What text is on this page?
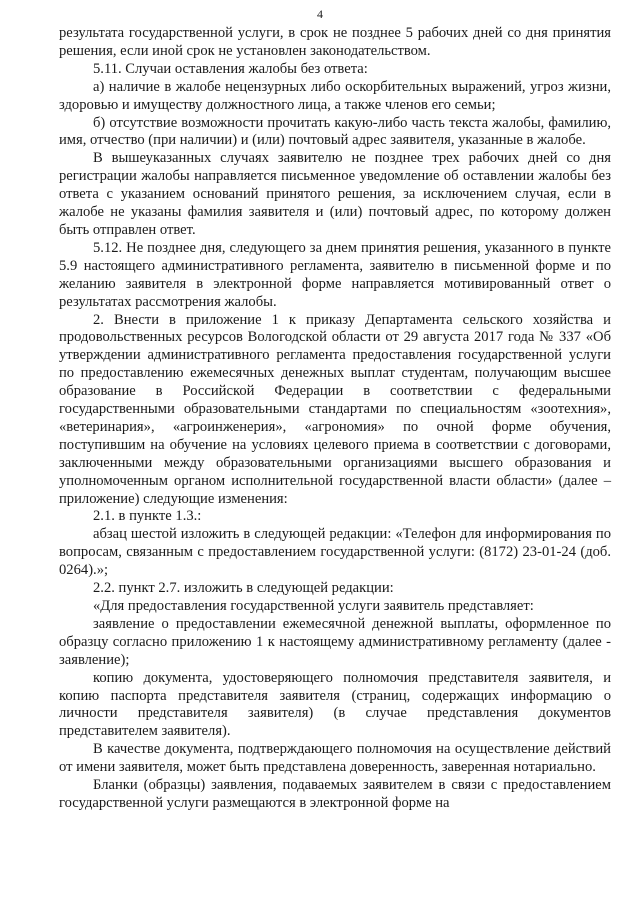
4

результата государственной услуги, в срок не позднее 5 рабочих дней со дня принятия решения, если иной срок не установлен законодательством.

5.11. Случаи оставления жалобы без ответа:

а) наличие в жалобе нецензурных либо оскорбительных выражений, угроз жизни, здоровью и имуществу должностного лица, а также членов его семьи;

б) отсутствие возможности прочитать какую-либо часть текста жалобы, фамилию, имя, отчество (при наличии) и (или) почтовый адрес заявителя, указанные в жалобе.

В вышеуказанных случаях заявителю не позднее трех рабочих дней со дня регистрации жалобы направляется письменное уведомление об оставлении жалобы без ответа с указанием оснований принятого решения, за исключением случая, если в жалобе не указаны фамилия заявителя и (или) почтовый адрес, по которому должен быть отправлен ответ.

5.12. Не позднее дня, следующего за днем принятия решения, указанного в пункте 5.9 настоящего административного регламента, заявителю в письменной форме и по желанию заявителя в электронной форме направляется мотивированный ответ о результатах рассмотрения жалобы.

2. Внести в приложение 1 к приказу Департамента сельского хозяйства и продовольственных ресурсов Вологодской области от 29 августа 2017 года № 337 «Об утверждении административного регламента предоставления государственной услуги по предоставлению ежемесячных денежных выплат студентам, получающим высшее образование в Российской Федерации в соответствии с федеральными государственными образовательными стандартами по специальностям «зоотехния», «ветеринария», «агроинженерия», «агрономия» по очной форме обучения, поступившим на обучение на условиях целевого приема в соответствии с договорами, заключенными между образовательными организациями высшего образования и уполномоченным органом исполнительной государственной власти области» (далее – приложение) следующие изменения:

2.1. в пункте 1.3.:

абзац шестой изложить в следующей редакции: «Телефон для информирования по вопросам, связанным с предоставлением государственной услуги: (8172) 23-01-24 (доб. 0264).»;

2.2. пункт 2.7. изложить в следующей редакции:

«Для предоставления государственной услуги заявитель представляет:

заявление о предоставлении ежемесячной денежной выплаты, оформленное по образцу согласно приложению 1 к настоящему административному регламенту (далее - заявление);

копию документа, удостоверяющего полномочия представителя заявителя, и копию паспорта представителя заявителя (страниц, содержащих информацию о личности представителя заявителя) (в случае представления документов представителем заявителя).

В качестве документа, подтверждающего полномочия на осуществление действий от имени заявителя, может быть представлена доверенность, заверенная нотариально.

Бланки (образцы) заявления, подаваемых заявителем в связи с предоставлением государственной услуги размещаются в электронной форме на
